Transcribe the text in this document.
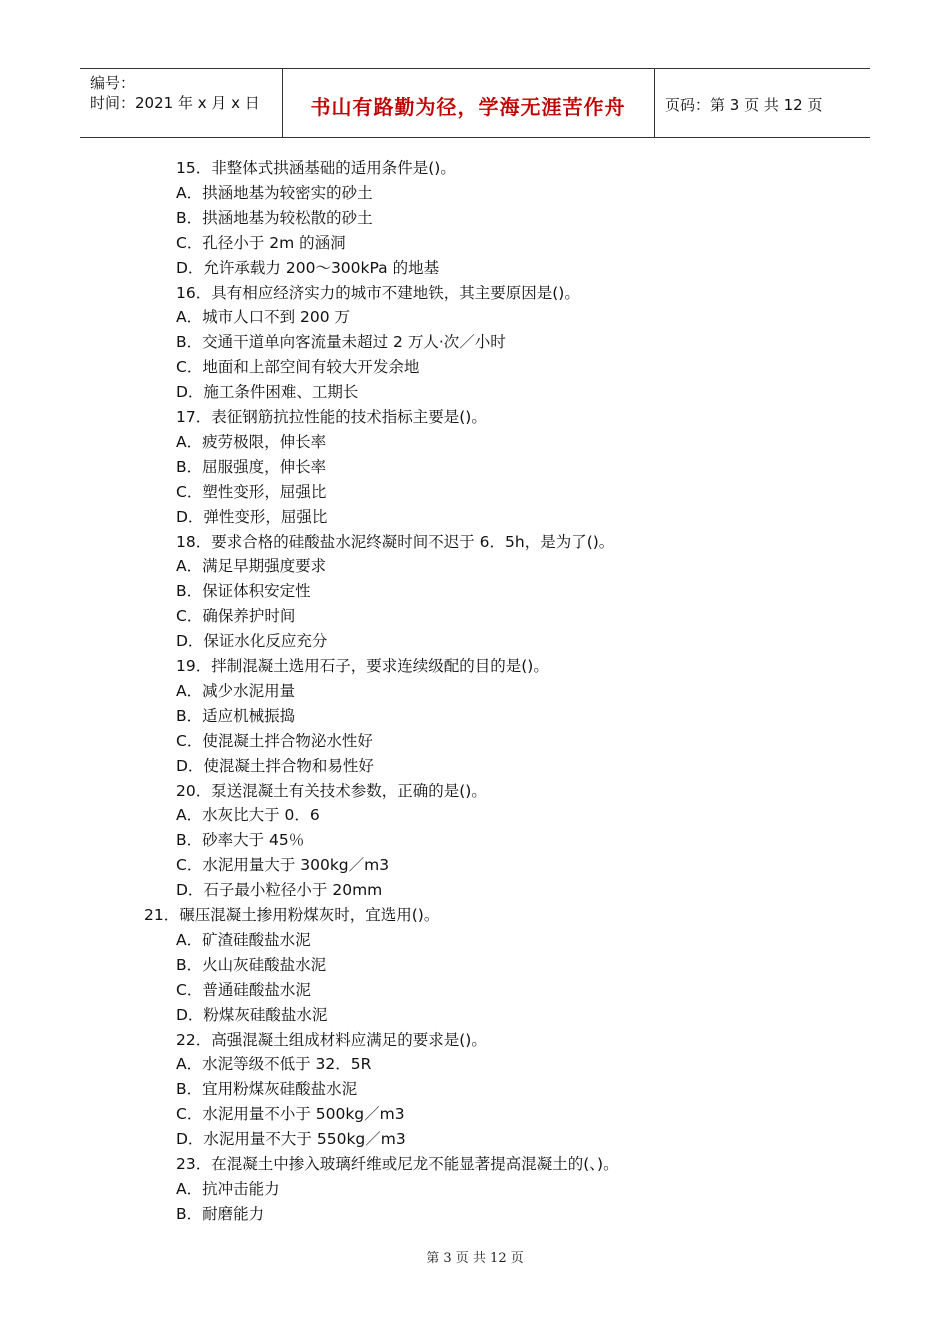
编号：
时间：2021 年 x 月 x 日	书山有路勤为径，学海无涯苦作舟	页码：第 3 页 共 12 页
15．非整体式拱涵基础的适用条件是()。
A．拱涵地基为较密实的砂土
B．拱涵地基为较松散的砂土
C．孔径小于 2m 的涵洞
D．允许承载力 200～300kPa 的地基
16．具有相应经济实力的城市不建地铁，其主要原因是()。
A．城市人口不到 200 万
B．交通干道单向客流量未超过 2 万人·次／小时
C．地面和上部空间有较大开发余地
D．施工条件困难、工期长
17．表征钢筋抗拉性能的技术指标主要是()。
A．疲劳极限，伸长率
B．屈服强度，伸长率
C．塑性变形，屈强比
D．弹性变形，屈强比
18．要求合格的硅酸盐水泥终凝时间不迟于 6．5h，是为了()。
A．满足早期强度要求
B．保证体积安定性
C．确保养护时间
D．保证水化反应充分
19．拌制混凝土选用石子，要求连续级配的目的是()。
A．减少水泥用量
B．适应机械振捣
C．使混凝土拌合物泌水性好
D．使混凝土拌合物和易性好
20．泵送混凝土有关技术参数，正确的是()。
A．水灰比大于 0．6
B．砂率大于 45％
C．水泥用量大于 300kg／m3
D．石子最小粒径小于 20mm
21．碾压混凝土掺用粉煤灰时，宜选用()。
A．矿渣硅酸盐水泥
B．火山灰硅酸盐水泥
C．普通硅酸盐水泥
D．粉煤灰硅酸盐水泥
22．高强混凝土组成材料应满足的要求是()。
A．水泥等级不低于 32．5R
B．宜用粉煤灰硅酸盐水泥
C．水泥用量不小于 500kg／m3
D．水泥用量不大于 550kg／m3
23．在混凝土中掺入玻璃纤维或尼龙不能显著提高混凝土的(、)。
A．抗冲击能力
B．耐磨能力
第 3 页 共 12 页
